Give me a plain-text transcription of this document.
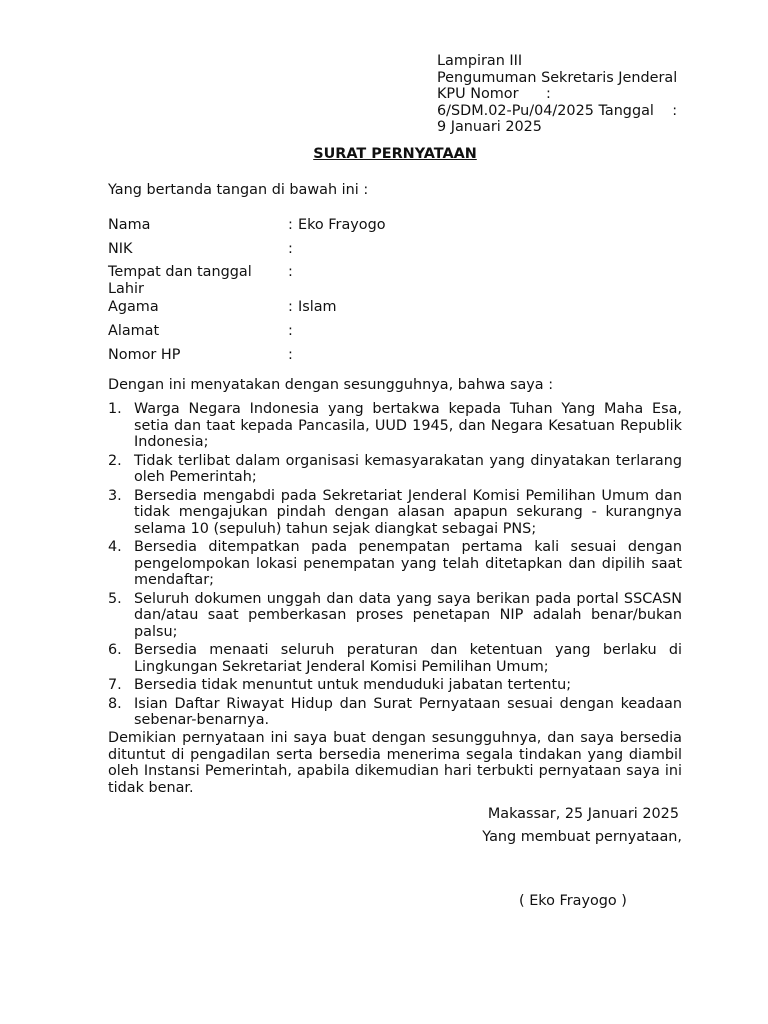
Lampiran III
Pengumuman Sekretaris Jenderal
KPU Nomor      :
6/SDM.02-Pu/04/2025 Tanggal    :
9 Januari 2025
SURAT PERNYATAAN
Yang bertanda tangan di bawah ini :
Nama	: Eko Frayogo
NIK	:
Tempat dan tanggal Lahir:
Agama	: Islam
Alamat	:
Nomor HP	:
Dengan ini menyatakan dengan sesungguhnya, bahwa saya :
1. Warga Negara Indonesia yang bertakwa kepada Tuhan Yang Maha Esa, setia dan taat kepada Pancasila, UUD 1945, dan Negara Kesatuan Republik Indonesia;
2. Tidak terlibat dalam organisasi kemasyarakatan yang dinyatakan terlarang oleh Pemerintah;
3. Bersedia mengabdi pada Sekretariat Jenderal Komisi Pemilihan Umum dan tidak mengajukan pindah dengan alasan apapun sekurang - kurangnya selama 10 (sepuluh) tahun sejak diangkat sebagai PNS;
4. Bersedia ditempatkan pada penempatan pertama kali sesuai dengan pengelompokan lokasi penempatan yang telah ditetapkan dan dipilih saat mendaftar;
5. Seluruh dokumen unggah dan data yang saya berikan pada portal SSCASN dan/atau saat pemberkasan proses penetapan NIP adalah benar/bukan palsu;
6. Bersedia menaati seluruh peraturan dan ketentuan yang berlaku di Lingkungan Sekretariat Jenderal Komisi Pemilihan Umum;
7. Bersedia tidak menuntut untuk menduduki jabatan tertentu;
8. Isian Daftar Riwayat Hidup dan Surat Pernyataan sesuai dengan keadaan sebenar-benarnya.
Demikian pernyataan ini saya buat dengan sesungguhnya, dan saya bersedia dituntut di pengadilan serta bersedia menerima segala tindakan yang diambil oleh Instansi Pemerintah, apabila dikemudian hari terbukti pernyataan saya ini tidak benar.
Makassar, 25 Januari 2025
Yang membuat pernyataan,
( Eko Frayogo )
